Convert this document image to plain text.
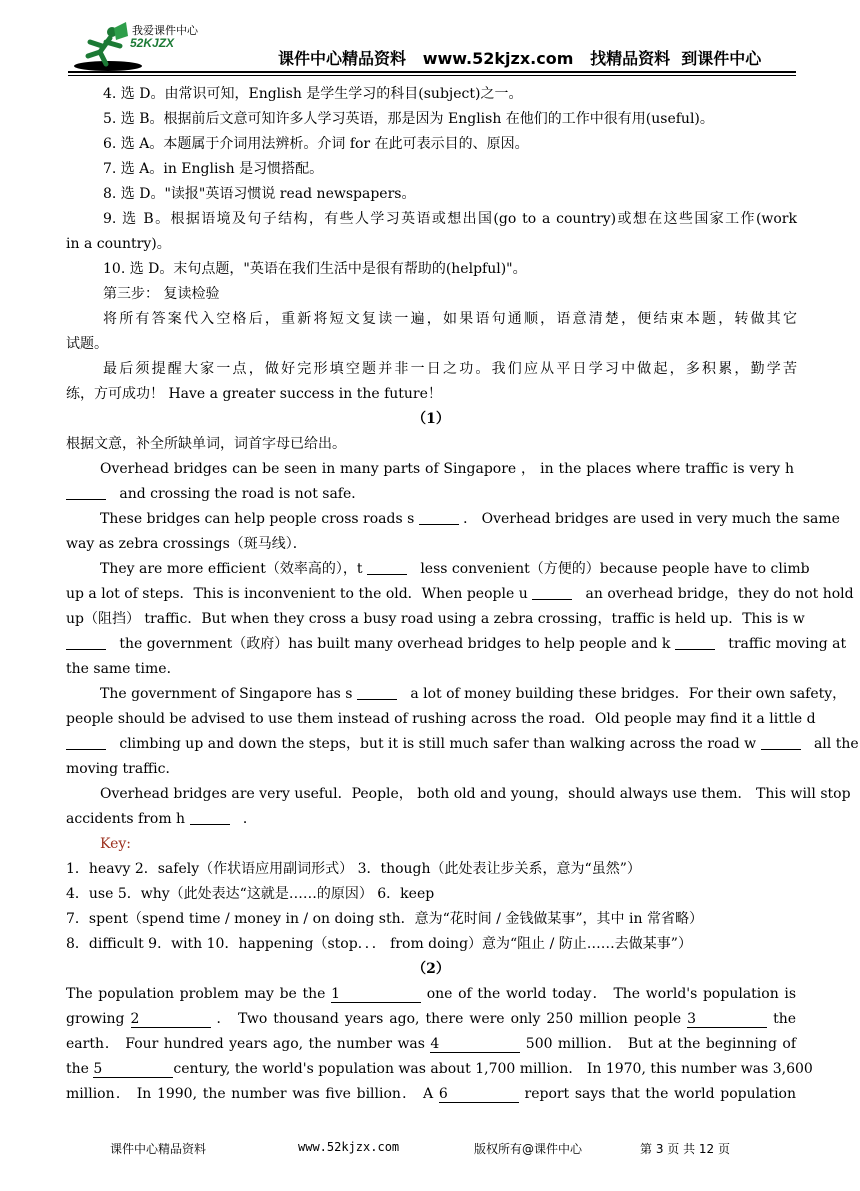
我爱课件中心
52KJZX
课件中心精品资料   www.52kjzx.com   找精品资料  到课件中心
4. 选 D。由常识可知，English 是学生学习的科目(subject)之一。
5. 选 B。根据前后文意可知许多人学习英语，那是因为 English 在他们的工作中很有用(useful)。
6. 选 A。本题属于介词用法辨析。介词 for 在此可表示目的、原因。
7. 选 A。in English 是习惯搭配。
8. 选 D。"读报"英语习惯说 read newspapers。
9. 选 B。根据语境及句子结构，有些人学习英语或想出国(go to a country)或想在这些国家工作(work
in a country)。
10. 选 D。末句点题，"英语在我们生活中是很有帮助的(helpful)"。
第三步： 复读检验
将所有答案代入空格后，重新将短文复读一遍，如果语句通顺，语意清楚，便结束本题，转做其它
试题。
最后须提醒大家一点，做好完形填空题并非一日之功。我们应从平日学习中做起，多积累，勤学苦
练，方可成功！ Have a greater success in the future！
（1）
根据文意，补全所缺单词，词首字母已给出。
Overhead bridges can be seen in many parts of Singapore ， in the places where traffic is very h
and crossing the road is not safe．
These bridges can help people cross roads s	． Overhead bridges are used in very much the same
way as zebra crossings（斑马线）．
They are more efficient（效率高的），t	less convenient（方便的）because people have to climb
up a lot of steps．This is inconvenient to the old．When people u	an overhead bridge，they do not hold
up（阻挡） traffic．But when they cross a busy road using a zebra crossing，traffic is held up．This is w
the government（政府）has built many overhead bridges to help people and k	traffic moving at
the same time．
The government of Singapore has s	a lot of money building these bridges．For their own safety，
people should be advised to use them instead of rushing across the road．Old people may find it a little d
climbing up and down the steps，but it is still much safer than walking across the road w	all the
moving traffic．
Overhead bridges are very useful．People， both old and young，should always use them． This will stop
accidents from h	．
Key:
1．heavy 2．safely（作状语应用副词形式） 3．though（此处表让步关系，意为“虽然”）
4．use 5．why（此处表达“这就是……的原因） 6．keep
7．spent（spend time / money in / on doing sth．意为“花时间 / 金钱做某事”，其中 in 常省略）
8．difficult 9．with 10．happening（stop．．． from doing）意为“阻止 / 防止……去做某事”）
（2）
The population problem may be the 1	one of the world today． The world's population is
growing 2	． Two thousand years ago, there were only 250 million people 3	the
earth． Four hundred years ago, the number was 4	500 million． But at the beginning of
the 5	century, the world's population was about 1,700 million． In 1970, this number was 3,600
million． In 1990, the number was five billion． A 6	report says that the world population
课件中心精品资料	www.52kjzx.com	版权所有@课件中心	第 3 页 共 12 页
